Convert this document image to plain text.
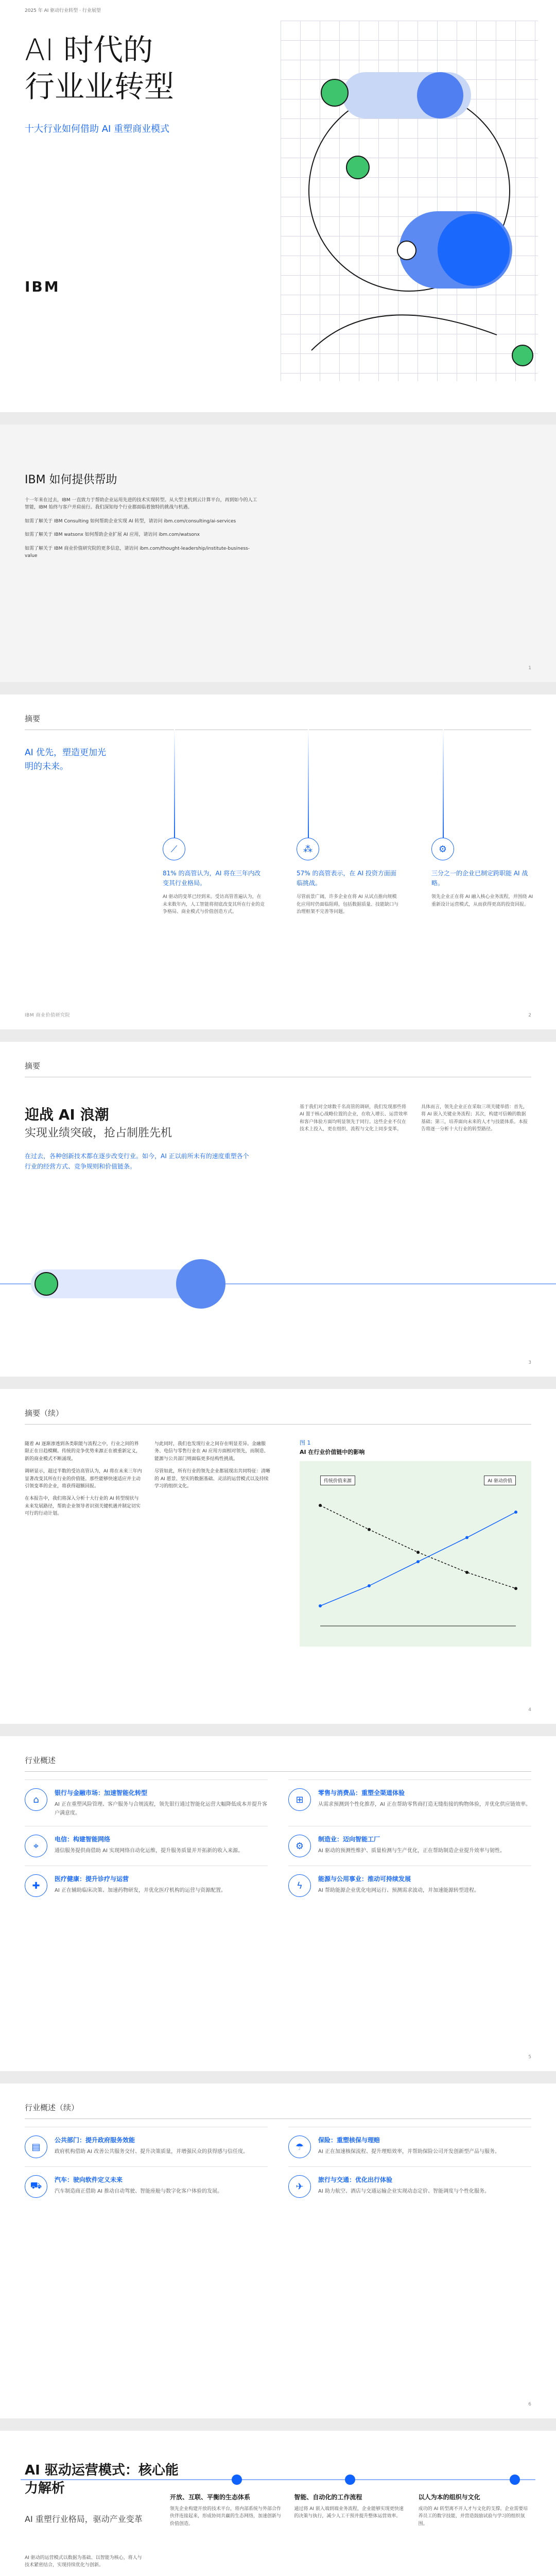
2025 年 AI 驱动行业转型 · 行业展望
AI 时代的
行业业转型
十大行业如何借助 AI 重塑商业模式
IBM
IBM 如何提供帮助

十一年来在过去，IBM 一直致力于帮助企业运用先进的技术实现转型。从大型主机到云计算平台，再到如今的人工智能，IBM 始终与客户并肩前行。我们深知每个行业都面临着独特的挑战与机遇。

如需了解关于 IBM Consulting 如何帮助企业实现 AI 转型，请访问 ibm.com/consulting/ai-services

如需了解关于 IBM watsonx 如何帮助企业扩展 AI 应用，请访问 ibm.com/watsonx

如需了解关于 IBM 商业价值研究院的更多信息，请访问 ibm.com/thought-leadership/institute-business-value

1
摘要
AI 优先，塑造更加光明的未来。
⟋
81% 的高管认为，AI 将在三年内改变其行业格局。
AI 驱动的变革已经到来。受访高管普遍认为，在未来数年内，人工智能将彻底改变其所在行业的竞争格局、商业模式与价值创造方式。
⁂
57% 的高管表示，在 AI 投资方面面临挑战。
尽管前景广阔，许多企业在将 AI 从试点推向规模化应用时仍面临阻碍，包括数据质量、技能缺口与治理框架不完善等问题。
⚙
三分之一的企业已制定跨职能 AI 战略。
领先企业正在将 AI 融入核心业务流程，并围绕 AI 重新设计运营模式，从而获得更高的投资回报。
IBM 商业价值研究院	2
摘要
迎战 AI 浪潮
实现业绩突破，抢占制胜先机
在过去，各种创新技术都在逐步改变行业。如今，AI 正以前所未有的速度重塑各个行业的经营方式、竞争规则和价值链条。
基于我们对全球数千名高管的调研，我们发现那些将 AI 置于核心战略位置的企业，在收入增长、运营效率和客户体验方面均明显领先于同行。这些企业不仅在技术上投入，更在组织、流程与文化上同步变革。
具体而言，领先企业正在采取三项关键举措：首先，将 AI 嵌入关键业务流程；其次，构建可信赖的数据基础；第三，培养面向未来的人才与技能体系。本报告将逐一分析十大行业的转型路径。
3
摘要（续）

随着 AI 逐渐渗透到各类职能与流程之中，行业之间的界限正在日趋模糊。传统的竞争优势来源正在被重新定义，新的商业模式不断涌现。

调研显示，超过半数的受访高管认为，AI 将在未来三年内显著改变其所在行业的价值链。那些能够快速适应并主动引领变革的企业，将获得超额回报。

在本报告中，我们将深入分析十大行业的 AI 转型现状与未来发展路径，帮助企业领导者识别关键机遇并制定切实可行的行动计划。

与此同时，我们也发现行业之间存在明显差异。金融服务、电信与零售行业在 AI 应用方面相对领先，而制造、能源与公共部门则面临更多结构性挑战。

尽管如此，所有行业的领先企业都展现出共同特征：清晰的 AI 愿景、坚实的数据基础、灵活的运营模式以及持续学习的组织文化。

图 1
AI 在行业价值链中的影响
传统价值来源	AI 驱动价值
4
行业概述
⌂
银行与金融市场：加速智能化转型

AI 正在重塑风险管理、客户服务与合规流程，领先银行通过智能化运营大幅降低成本并提升客户满意度。

⊞
零售与消费品：重塑全渠道体验

从需求预测到个性化推荐，AI 正在帮助零售商打造无缝衔接的购物体验，并优化供应链效率。

⌖
电信：构建智能网络

通信服务提供商借助 AI 实现网络自动化运维，提升服务质量并开拓新的收入来源。	⚙
制造业：迈向智能工厂

AI 驱动的预测性维护、质量检测与生产优化，正在帮助制造企业提升效率与韧性。

✚
医疗健康：提升诊疗与运营

AI 正在辅助临床决策、加速药物研发，并优化医疗机构的运营与资源配置。	ϟ
能源与公用事业：推动可持续发展

AI 帮助能源企业优化电网运行、预测需求波动，并加速能源转型进程。

5
行业概述（续）
▤
公共部门：提升政府服务效能

政府机构借助 AI 改善公共服务交付、提升决策质量，并增强民众的获得感与信任度。	☂
保险：重塑核保与理赔

AI 正在加速核保流程、提升理赔效率，并帮助保险公司开发创新型产品与服务。

⛟
汽车：驶向软件定义未来

汽车制造商正借助 AI 推动自动驾驶、智能座舱与数字化客户体验的发展。	✈
旅行与交通：优化出行体验

AI 助力航空、酒店与交通运输企业实现动态定价、智能调度与个性化服务。

6
AI 驱动运营模式：核心能力解析
AI 重塑行业格局，驱动产业变革
AI 驱动的运营模式以数据为基础、以智能为核心，将人与技术紧密结合，实现持续优化与创新。
开放、互联、平衡的生态体系
领先企业构建开放的技术平台，将内部系统与外部合作伙伴连接起来，形成协同共赢的生态网络，加速创新与价值创造。
智能、自动化的工作流程
通过将 AI 嵌入端到端业务流程，企业能够实现更快速的决策与执行，减少人工干预并提升整体运营效率。
以人为本的组织与文化
成功的 AI 转型离不开人才与文化的支撑。企业需要培养员工的数字技能，并营造鼓励试验与学习的组织氛围。
